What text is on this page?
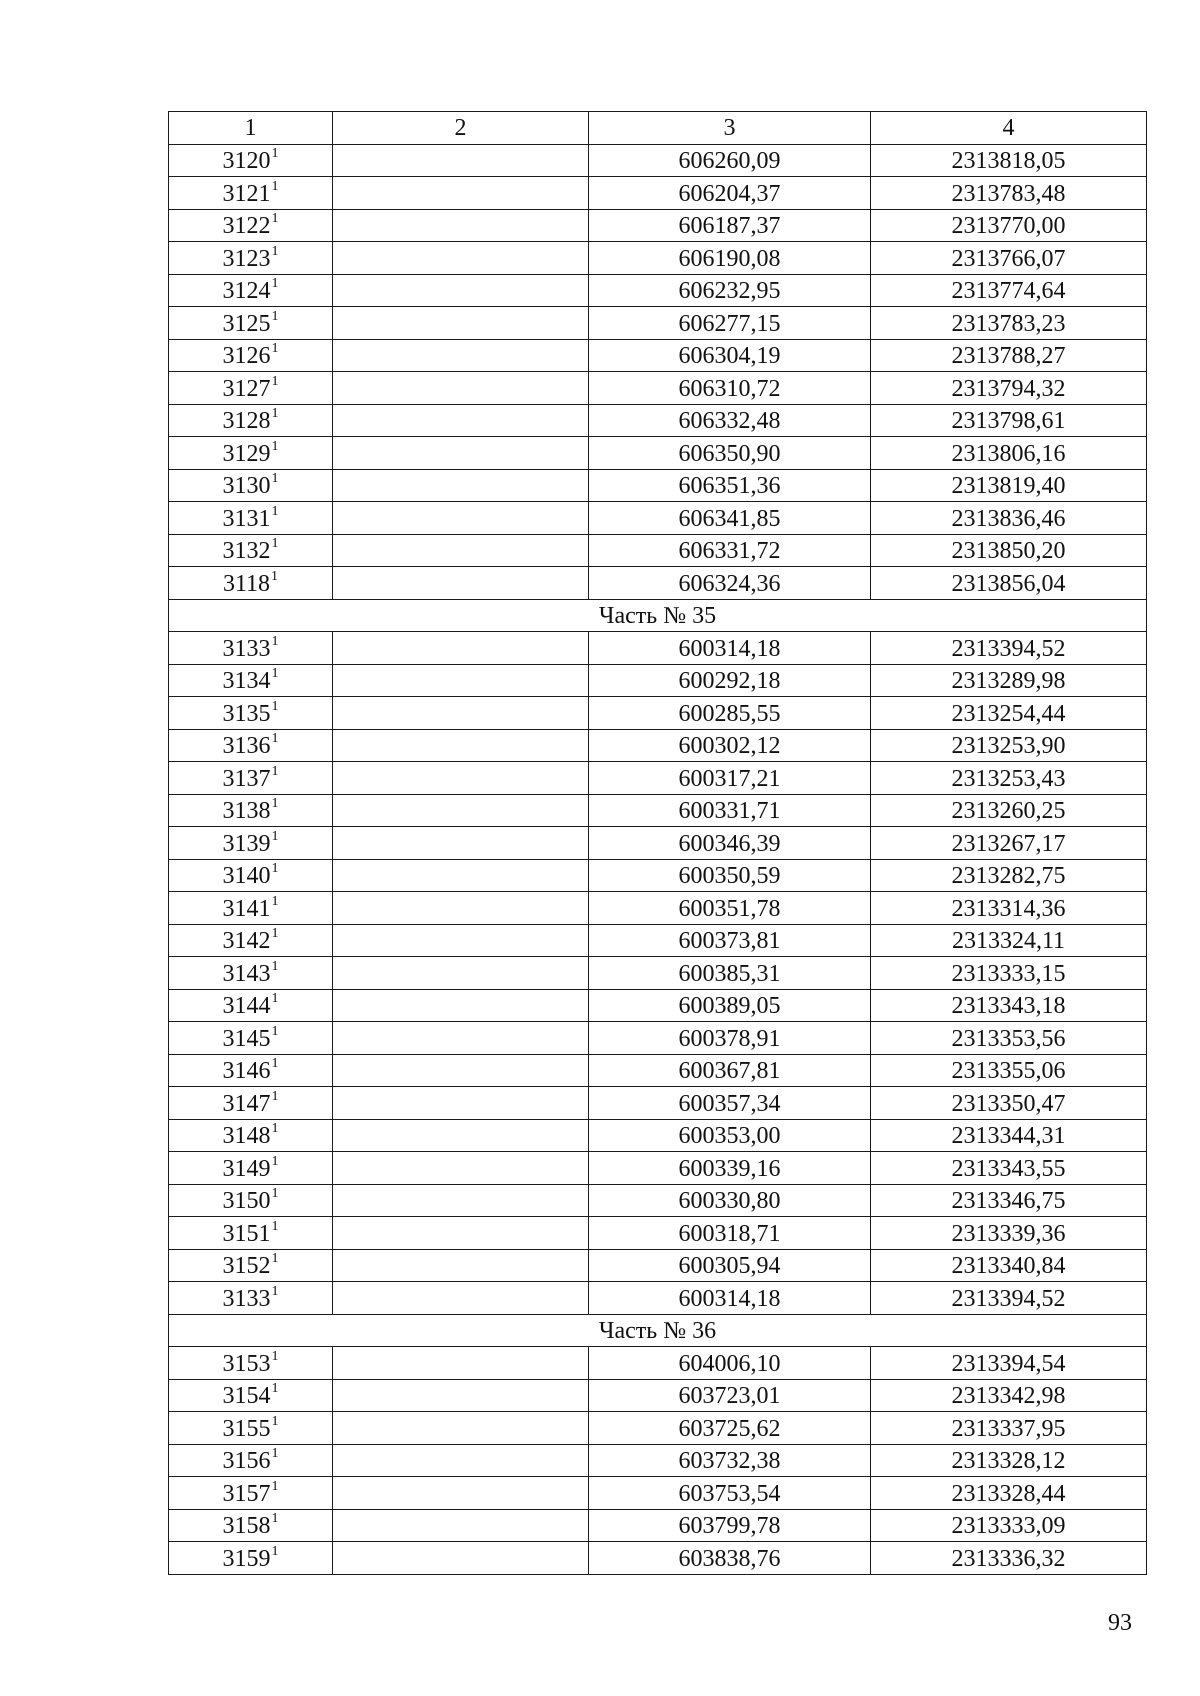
1	2	3	4
3120$^1$		606260,09	2313818,05
3121$^1$		606204,37	2313783,48
3122$^1$		606187,37	2313770,00
3123$^1$		606190,08	2313766,07
3124$^1$		606232,95	2313774,64
3125$^1$		606277,15	2313783,23
3126$^1$		606304,19	2313788,27
3127$^1$		606310,72	2313794,32
3128$^1$		606332,48	2313798,61
3129$^1$		606350,90	2313806,16
3130$^1$		606351,36	2313819,40
3131$^1$		606341,85	2313836,46
3132$^1$		606331,72	2313850,20
3118$^1$		606324,36	2313856,04
Часть № 35			
3133$^1$		600314,18	2313394,52
3134$^1$		600292,18	2313289,98
3135$^1$		600285,55	2313254,44
3136$^1$		600302,12	2313253,90
3137$^1$		600317,21	2313253,43
3138$^1$		600331,71	2313260,25
3139$^1$		600346,39	2313267,17
3140$^1$		600350,59	2313282,75
3141$^1$		600351,78	2313314,36
3142$^1$		600373,81	2313324,11
3143$^1$		600385,31	2313333,15
3144$^1$		600389,05	2313343,18
3145$^1$		600378,91	2313353,56
3146$^1$		600367,81	2313355,06
3147$^1$		600357,34	2313350,47
3148$^1$		600353,00	2313344,31
3149$^1$		600339,16	2313343,55
3150$^1$		600330,80	2313346,75
3151$^1$		600318,71	2313339,36
3152$^1$		600305,94	2313340,84
3133$^1$		600314,18	2313394,52
Часть № 36			
3153$^1$		604006,10	2313394,54
3154$^1$		603723,01	2313342,98
3155$^1$		603725,62	2313337,95
3156$^1$		603732,38	2313328,12
3157$^1$		603753,54	2313328,44
3158$^1$		603799,78	2313333,09
3159$^1$		603838,76	2313336,32
93
